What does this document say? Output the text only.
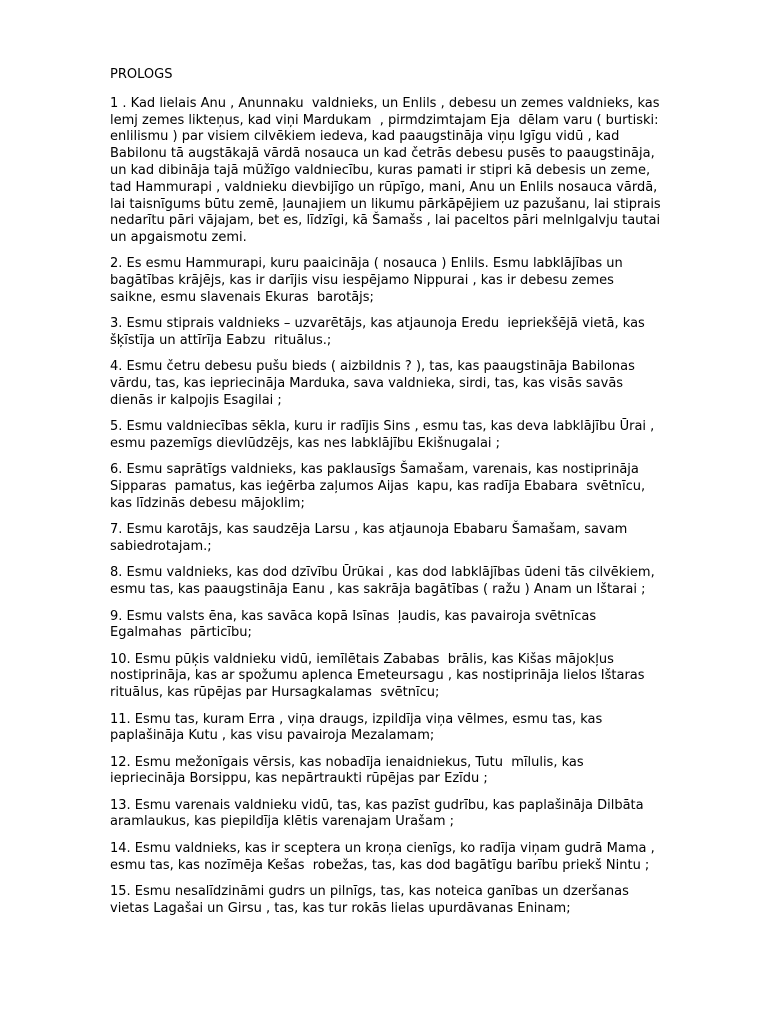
PROLOGS
1 . Kad lielais Anu , Anunnaku  valdnieks, un Enlils , debesu un zemes valdnieks, kas
lemj zemes likteņus, kad viņi Mardukam  , pirmdzimtajam Eja  dēlam varu ( burtiski:
enlilismu ) par visiem cilvēkiem iedeva, kad paaugstināja viņu Igīgu vidū , kad
Babilonu tā augstākajā vārdā nosauca un kad četrās debesu pusēs to paaugstināja,
un kad dibināja tajā mūžīgo valdniecību, kuras pamati ir stipri kā debesis un zeme,
tad Hammurapi , valdnieku dievbijīgo un rūpīgo, mani, Anu un Enlils nosauca vārdā,
lai taisnīgums būtu zemē, ļaunajiem un likumu pārkāpējiem uz pazušanu, lai stiprais
nedarītu pāri vājajam, bet es, līdzīgi, kā Šamašs , lai paceltos pāri melnlgalvju tautai
un apgaismotu zemi.
2. Es esmu Hammurapi, kuru paaicināja ( nosauca ) Enlils. Esmu labklājības un
bagātības krājējs, kas ir darījis visu iespējamo Nippurai , kas ir debesu zemes
saikne, esmu slavenais Ekuras  barotājs;
3. Esmu stiprais valdnieks – uzvarētājs, kas atjaunoja Eredu  iepriekšējā vietā, kas
šķīstīja un attīrīja Eabzu  rituālus.;
4. Esmu četru debesu pušu bieds ( aizbildnis ? ), tas, kas paaugstināja Babilonas
vārdu, tas, kas iepriecināja Marduka, sava valdnieka, sirdi, tas, kas visās savās
dienās ir kalpojis Esagilai ;
5. Esmu valdniecības sēkla, kuru ir radījis Sins , esmu tas, kas deva labklājību Ūrai ,
esmu pazemīgs dievlūdzējs, kas nes labklājību Ekišnugalai ;
6. Esmu saprātīgs valdnieks, kas paklausīgs Šamašam, varenais, kas nostiprināja
Sipparas  pamatus, kas ieģērba zaļumos Aijas  kapu, kas radīja Ebabara  svētnīcu,
kas līdzinās debesu mājoklim;
7. Esmu karotājs, kas saudzēja Larsu , kas atjaunoja Ebabaru Šamašam, savam
sabiedrotajam.;
8. Esmu valdnieks, kas dod dzīvību Ūrūkai , kas dod labklājības ūdeni tās cilvēkiem,
esmu tas, kas paaugstināja Eanu , kas sakrāja bagātības ( ražu ) Anam un Ištarai ;
9. Esmu valsts ēna, kas savāca kopā Isīnas  ļaudis, kas pavairoja svētnīcas
Egalmahas  pārticību;
10. Esmu pūķis valdnieku vidū, iemīlētais Zababas  brālis, kas Kišas mājokļus
nostiprināja, kas ar spožumu aplenca Emeteursagu , kas nostiprināja lielos Ištaras
rituālus, kas rūpējas par Hursagkalamas  svētnīcu;
11. Esmu tas, kuram Erra , viņa draugs, izpildīja viņa vēlmes, esmu tas, kas
paplašināja Kutu , kas visu pavairoja Mezalamam;
12. Esmu mežonīgais vērsis, kas nobadīja ienaidniekus, Tutu  mīlulis, kas
iepriecināja Borsippu, kas nepārtraukti rūpējas par Ezīdu ;
13. Esmu varenais valdnieku vidū, tas, kas pazīst gudrību, kas paplašināja Dilbāta
aramlaukus, kas piepildīja klētis varenajam Urašam ;
14. Esmu valdnieks, kas ir sceptera un kroņa cienīgs, ko radīja viņam gudrā Mama ,
esmu tas, kas nozīmēja Kešas  robežas, tas, kas dod bagātīgu barību priekš Nintu ;
15. Esmu nesalīdzināmi gudrs un pilnīgs, tas, kas noteica ganības un dzeršanas
vietas Lagašai un Girsu , tas, kas tur rokās lielas upurdāvanas Eninam;
